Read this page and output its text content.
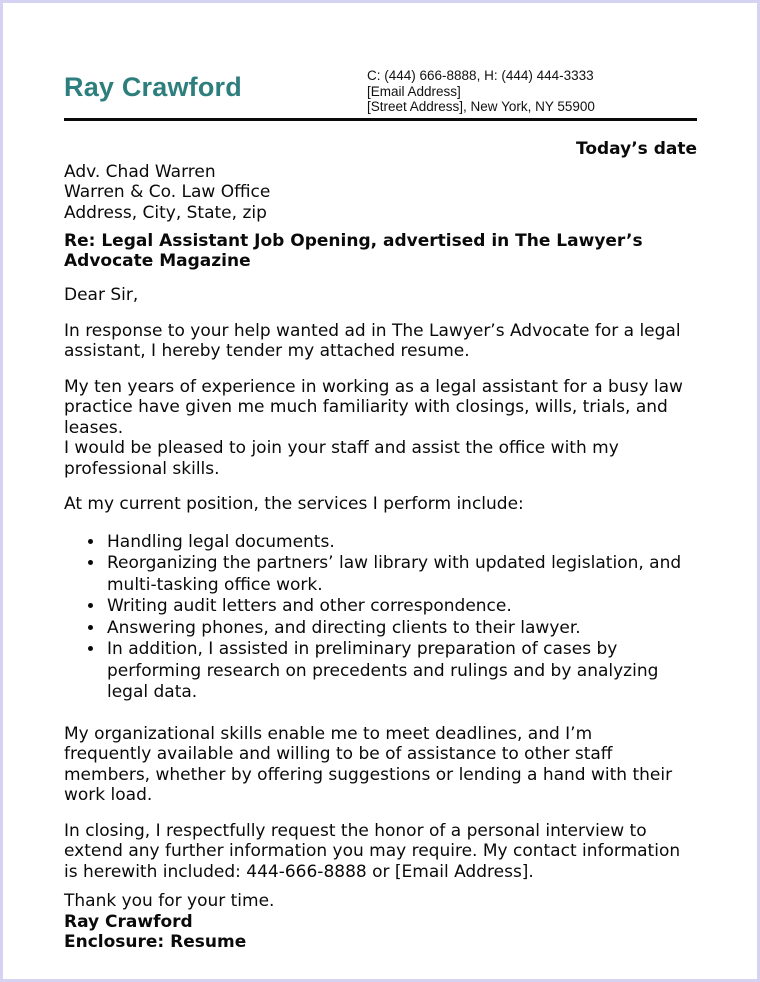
Ray Crawford	C: (444) 666-8888, H: (444) 444-3333
[Email Address]
[Street Address], New York, NY 55900
Today’s date
Adv. Chad Warren
Warren & Co. Law Office
Address, City, State, zip
Re: Legal Assistant Job Opening, advertised in The Lawyer’s
Advocate Magazine
Dear Sir,

In response to your help wanted ad in The Lawyer’s Advocate for a legal
assistant, I hereby tender my attached resume.

My ten years of experience in working as a legal assistant for a busy law
practice have given me much familiarity with closings, wills, trials, and
leases.
I would be pleased to join your staff and assist the office with my
professional skills.

At my current position, the services I perform include:

• Handling legal documents.
• Reorganizing the partners’ law library with updated legislation, and
multi-tasking office work.
• Writing audit letters and other correspondence.
• Answering phones, and directing clients to their lawyer.
• In addition, I assisted in preliminary preparation of cases by
performing research on precedents and rulings and by analyzing
legal data.

My organizational skills enable me to meet deadlines, and I’m
frequently available and willing to be of assistance to other staff
members, whether by offering suggestions or lending a hand with their
work load.

In closing, I respectfully request the honor of a personal interview to
extend any further information you may require. My contact information
is herewith included: 444-666-8888 or [Email Address].

Thank you for your time.
Ray Crawford
Enclosure: Resume
